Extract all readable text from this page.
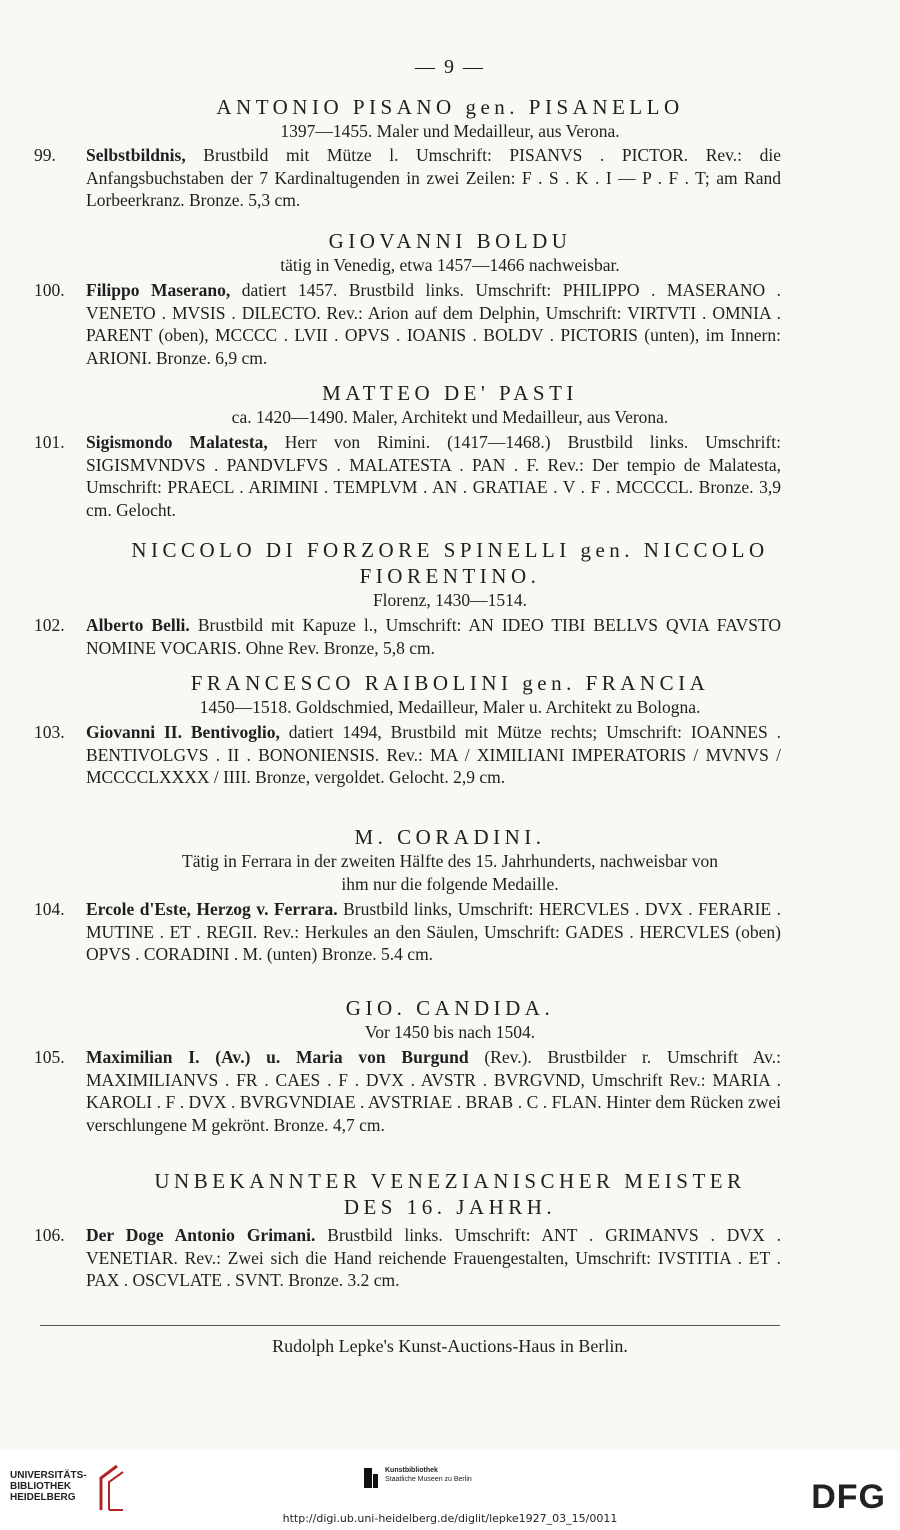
— 9 —
ANTONIO PISANO gen. PISANELLO
1397—1455. Maler und Medailleur, aus Verona.
99. Selbstbildnis, Brustbild mit Mütze l. Umschrift: PISANVS . PICTOR. Rev.: die Anfangsbuchstaben der 7 Kardinaltugenden in zwei Zeilen: F . S . K . I — P . F . T; am Rand Lorbeerkranz. Bronze. 5,3 cm.
GIOVANNI BOLDU
tätig in Venedig, etwa 1457—1466 nachweisbar.
100. Filippo Maserano, datiert 1457. Brustbild links. Umschrift: PHILIPPO . MASERANO . VENETO . MVSIS . DILECTO. Rev.: Arion auf dem Delphin, Umschrift: VIRTVTI . OMNIA . PARENT (oben), MCCCC . LVII . OPVS . IOANIS . BOLDV . PICTORIS (unten), im Innern: ARIONI. Bronze. 6,9 cm.
MATTEO DE' PASTI
ca. 1420—1490. Maler, Architekt und Medailleur, aus Verona.
101. Sigismondo Malatesta, Herr von Rimini. (1417—1468.) Brustbild links. Umschrift: SIGISMVNDVS . PANDVLFVS . MALATESTA . PAN . F. Rev.: Der tempio de Malatesta, Umschrift: PRAECL . ARIMINI . TEMPLVM . AN . GRATIAE . V . F . MCCCCL. Bronze. 3,9 cm. Gelocht.
NICCOLO DI FORZORE SPINELLI gen. NICCOLO
FIORENTINO.
Florenz, 1430—1514.
102. Alberto Belli. Brustbild mit Kapuze l., Umschrift: AN IDEO TIBI BELLVS QVIA FAVSTO NOMINE VOCARIS. Ohne Rev. Bronze, 5,8 cm.
FRANCESCO RAIBOLINI gen. FRANCIA
1450—1518. Goldschmied, Medailleur, Maler u. Architekt zu Bologna.
103. Giovanni II. Bentivoglio, datiert 1494, Brustbild mit Mütze rechts; Umschrift: IOANNES . BENTIVOLGVS . II . BONONIENSIS. Rev.: MA / XIMILIANI IMPERATORIS / MVNVS / MCCCCLXXXX / IIII. Bronze, vergoldet. Gelocht. 2,9 cm.
M. CORADINI.
Tätig in Ferrara in der zweiten Hälfte des 15. Jahrhunderts, nachweisbar von
ihm nur die folgende Medaille.
104. Ercole d'Este, Herzog v. Ferrara. Brustbild links, Umschrift: HERCVLES . DVX . FERARIE . MUTINE . ET . REGII. Rev.: Herkules an den Säulen, Umschrift: GADES . HERCVLES (oben) OPVS . CORADINI . M. (unten) Bronze. 5.4 cm.
GIO. CANDIDA.
Vor 1450 bis nach 1504.
105. Maximilian I. (Av.) u. Maria von Burgund (Rev.). Brustbilder r. Umschrift Av.: MAXIMILIANVS . FR . CAES . F . DVX . AVSTR . BVRGVND, Umschrift Rev.: MARIA . KAROLI . F . DVX . BVRGVNDIAE . AVSTRIAE . BRAB . C . FLAN. Hinter dem Rücken zwei verschlungene M gekrönt. Bronze. 4,7 cm.
UNBEKANNTER VENEZIANISCHER MEISTER
DES 16. JAHRH.
106. Der Doge Antonio Grimani. Brustbild links. Umschrift: ANT . GRIMANVS . DVX . VENETIAR. Rev.: Zwei sich die Hand reichende Frauengestalten, Umschrift: IVSTITIA . ET . PAX . OSCVLATE . SVNT. Bronze. 3.2 cm.
Rudolph Lepke's Kunst-Auctions-Haus in Berlin.
UNIVERSITÄTS-
BIBLIOTHEK
HEIDELBERG
Kunstbibliothek
Staatliche Museen zu Berlin	DFG
http://digi.ub.uni-heidelberg.de/diglit/lepke1927_03_15/0011
